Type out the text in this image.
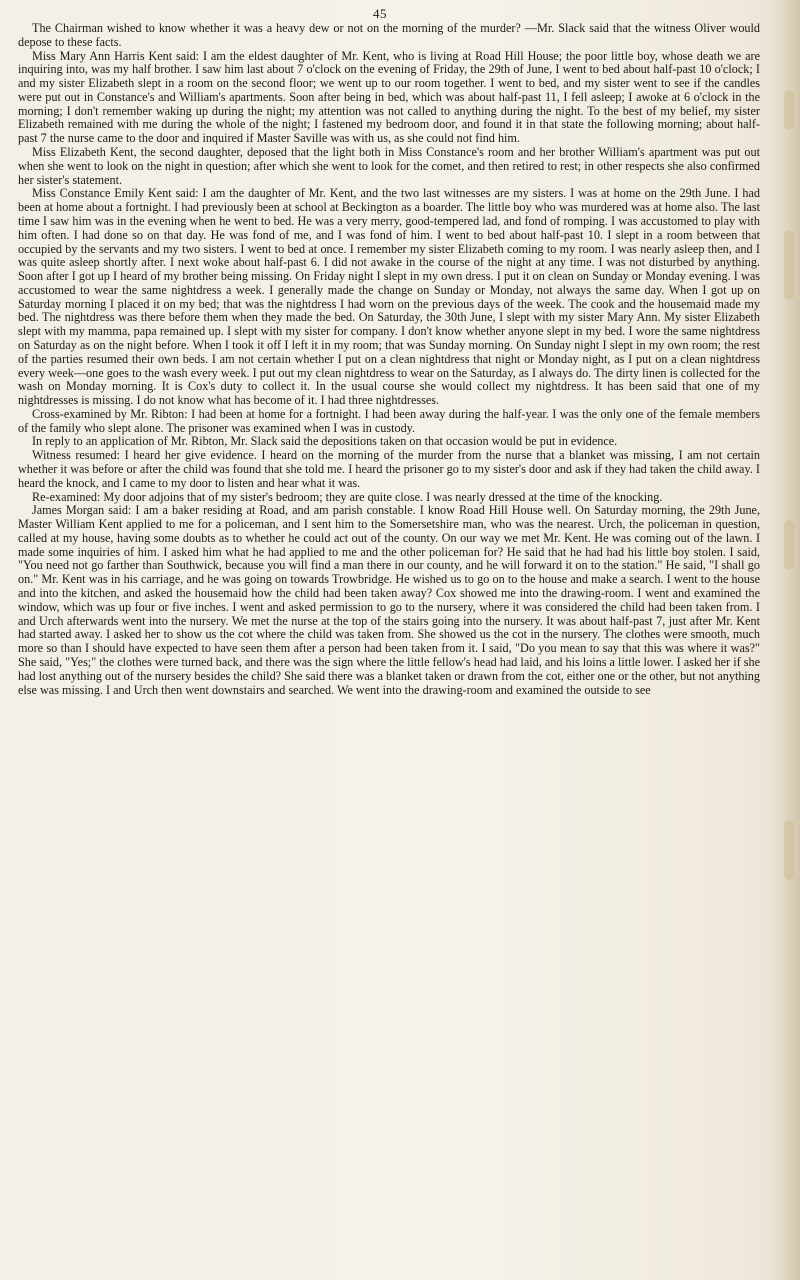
45

The Chairman wished to know whether it was a heavy dew or not on the morning of the murder? —Mr. Slack said that the witness Oliver would depose to these facts.

Miss Mary Ann Harris Kent said: I am the eldest daughter of Mr. Kent, who is living at Road Hill House; the poor little boy, whose death we are inquiring into, was my half brother. I saw him last about 7 o'clock on the evening of Friday, the 29th of June, I went to bed about half-past 10 o'clock; I and my sister Elizabeth slept in a room on the second floor; we went up to our room together. I went to bed, and my sister went to see if the candles were put out in Constance's and William's apartments. Soon after being in bed, which was about half-past 11, I fell asleep; I awoke at 6 o'clock in the morning; I don't remember waking up during the night; my attention was not called to anything during the night. To the best of my belief, my sister Elizabeth remained with me during the whole of the night; I fastened my bedroom door, and found it in that state the following morning; about half-past 7 the nurse came to the door and inquired if Master Saville was with us, as she could not find him.

Miss Elizabeth Kent, the second daughter, deposed that the light both in Miss Constance's room and her brother William's apartment was put out when she went to look on the night in question; after which she went to look for the comet, and then retired to rest; in other respects she also confirmed her sister's statement.

Miss Constance Emily Kent said: I am the daughter of Mr. Kent, and the two last witnesses are my sisters. I was at home on the 29th June. I had been at home about a fortnight. I had previously been at school at Beckington as a boarder. The little boy who was murdered was at home also. The last time I saw him was in the evening when he went to bed. He was a very merry, good-tempered lad, and fond of romping. I was accustomed to play with him often. I had done so on that day. He was fond of me, and I was fond of him. I went to bed about half-past 10. I slept in a room between that occupied by the servants and my two sisters. I went to bed at once. I remember my sister Elizabeth coming to my room. I was nearly asleep then, and I was quite asleep shortly after. I next woke about half-past 6. I did not awake in the course of the night at any time. I was not disturbed by anything. Soon after I got up I heard of my brother being missing. On Friday night I slept in my own dress. I put it on clean on Sunday or Monday evening. I was accustomed to wear the same nightdress a week. I generally made the change on Sunday or Monday, not always the same day. When I got up on Saturday morning I placed it on my bed; that was the nightdress I had worn on the previous days of the week. The cook and the housemaid made my bed. The nightdress was there before them when they made the bed. On Saturday, the 30th June, I slept with my sister Mary Ann. My sister Elizabeth slept with my mamma, papa remained up. I slept with my sister for company. I don't know whether anyone slept in my bed. I wore the same nightdress on Saturday as on the night before. When I took it off I left it in my room; that was Sunday morning. On Sunday night I slept in my own room; the rest of the parties resumed their own beds. I am not certain whether I put on a clean nightdress that night or Monday night, as I put on a clean nightdress every week—one goes to the wash every week. I put out my clean nightdress to wear on the Saturday, as I always do. The dirty linen is collected for the wash on Monday morning. It is Cox's duty to collect it. In the usual course she would collect my nightdress. It has been said that one of my nightdresses is missing. I do not know what has become of it. I had three nightdresses.

Cross-examined by Mr. Ribton: I had been at home for a fortnight. I had been away during the half-year. I was the only one of the female members of the family who slept alone. The prisoner was examined when I was in custody.

In reply to an application of Mr. Ribton, Mr. Slack said the depositions taken on that occasion would be put in evidence.

Witness resumed: I heard her give evidence. I heard on the morning of the murder from the nurse that a blanket was missing, I am not certain whether it was before or after the child was found that she told me. I heard the prisoner go to my sister's door and ask if they had taken the child away. I heard the knock, and I came to my door to listen and hear what it was.

Re-examined: My door adjoins that of my sister's bedroom; they are quite close. I was nearly dressed at the time of the knocking.

James Morgan said: I am a baker residing at Road, and am parish constable. I know Road Hill House well. On Saturday morning, the 29th June, Master William Kent applied to me for a policeman, and I sent him to the Somersetshire man, who was the nearest. Urch, the policeman in question, called at my house, having some doubts as to whether he could act out of the county. On our way we met Mr. Kent. He was coming out of the lawn. I made some inquiries of him. I asked him what he had applied to me and the other policeman for? He said that he had had his little boy stolen. I said, "You need not go farther than Southwick, because you will find a man there in our county, and he will forward it on to the station." He said, "I shall go on." Mr. Kent was in his carriage, and he was going on towards Trowbridge. He wished us to go on to the house and make a search. I went to the house and into the kitchen, and asked the housemaid how the child had been taken away? Cox showed me into the drawing-room. I went and examined the window, which was up four or five inches. I went and asked permission to go to the nursery, where it was considered the child had been taken from. I and Urch afterwards went into the nursery. We met the nurse at the top of the stairs going into the nursery. It was about half-past 7, just after Mr. Kent had started away. I asked her to show us the cot where the child was taken from. She showed us the cot in the nursery. The clothes were smooth, much more so than I should have expected to have seen them after a person had been taken from it. I said, "Do you mean to say that this was where it was?" She said, "Yes;" the clothes were turned back, and there was the sign where the little fellow's head had laid, and his loins a little lower. I asked her if she had lost anything out of the nursery besides the child? She said there was a blanket taken or drawn from the cot, either one or the other, but not anything else was missing. I and Urch then went downstairs and searched. We went into the drawing-room and examined the outside to see
